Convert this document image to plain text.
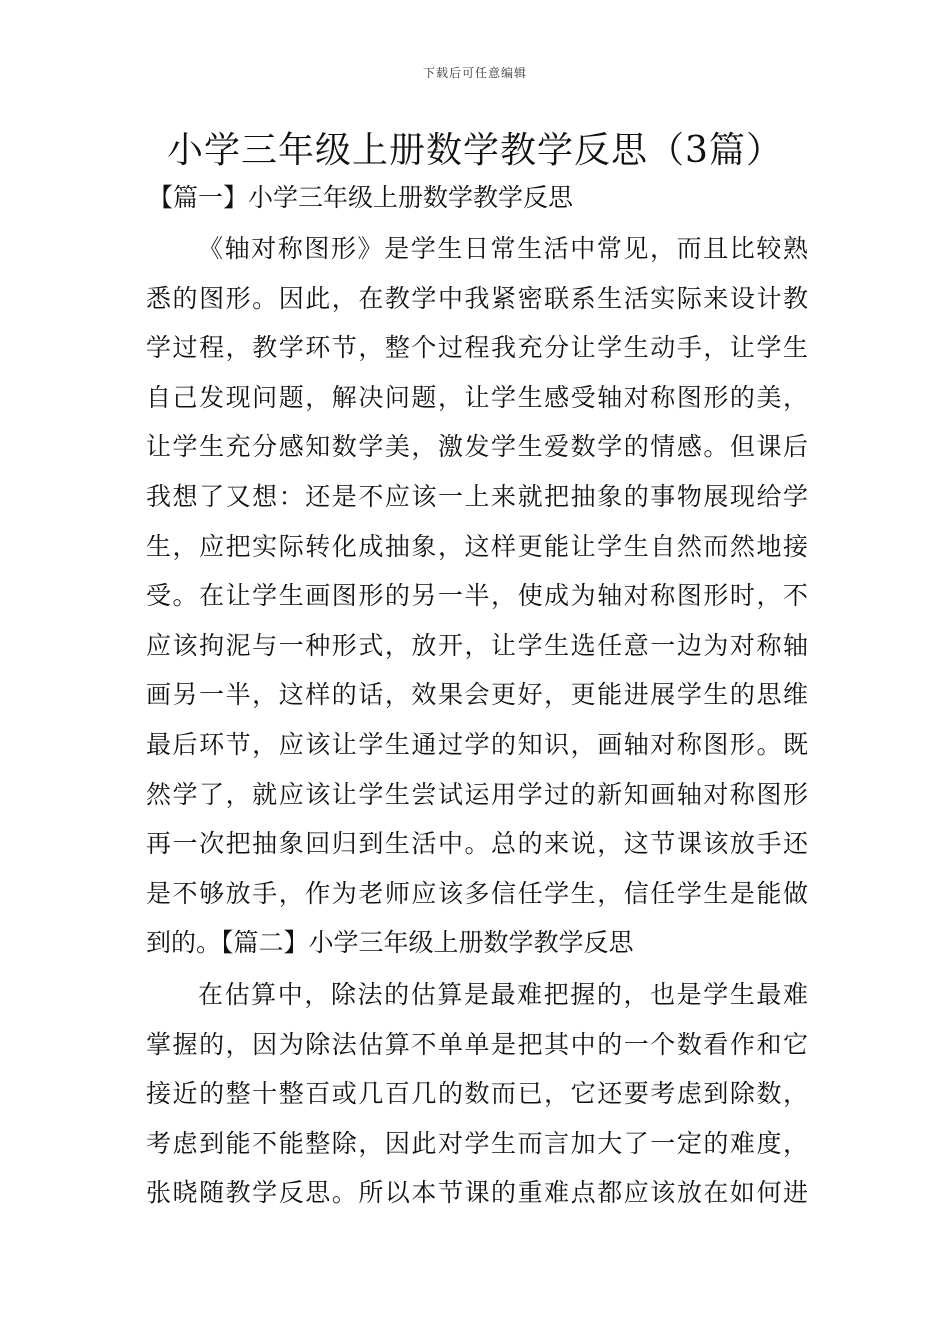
下载后可任意编辑
小学三年级上册数学教学反思（3篇）
【篇一】小学三年级上册数学教学反思
《轴对称图形》是学生日常生活中常见，而且比较熟
悉的图形。因此，在教学中我紧密联系生活实际来设计教
学过程，教学环节，整个过程我充分让学生动手，让学生
自己发现问题，解决问题，让学生感受轴对称图形的美，
让学生充分感知数学美，激发学生爱数学的情感。但课后
我想了又想：还是不应该一上来就把抽象的事物展现给学
生，应把实际转化成抽象，这样更能让学生自然而然地接
受。在让学生画图形的另一半，使成为轴对称图形时，不
应该拘泥与一种形式，放开，让学生选任意一边为对称轴
画另一半，这样的话，效果会更好，更能进展学生的思维
最后环节，应该让学生通过学的知识，画轴对称图形。既
然学了，就应该让学生尝试运用学过的新知画轴对称图形
再一次把抽象回归到生活中。总的来说，这节课该放手还
是不够放手，作为老师应该多信任学生，信任学生是能做
到的。【篇二】小学三年级上册数学教学反思
在估算中，除法的估算是最难把握的，也是学生最难
掌握的，因为除法估算不单单是把其中的一个数看作和它
接近的整十整百或几百几的数而已，它还要考虑到除数，
考虑到能不能整除，因此对学生而言加大了一定的难度，
张晓随教学反思。所以本节课的重难点都应该放在如何进
